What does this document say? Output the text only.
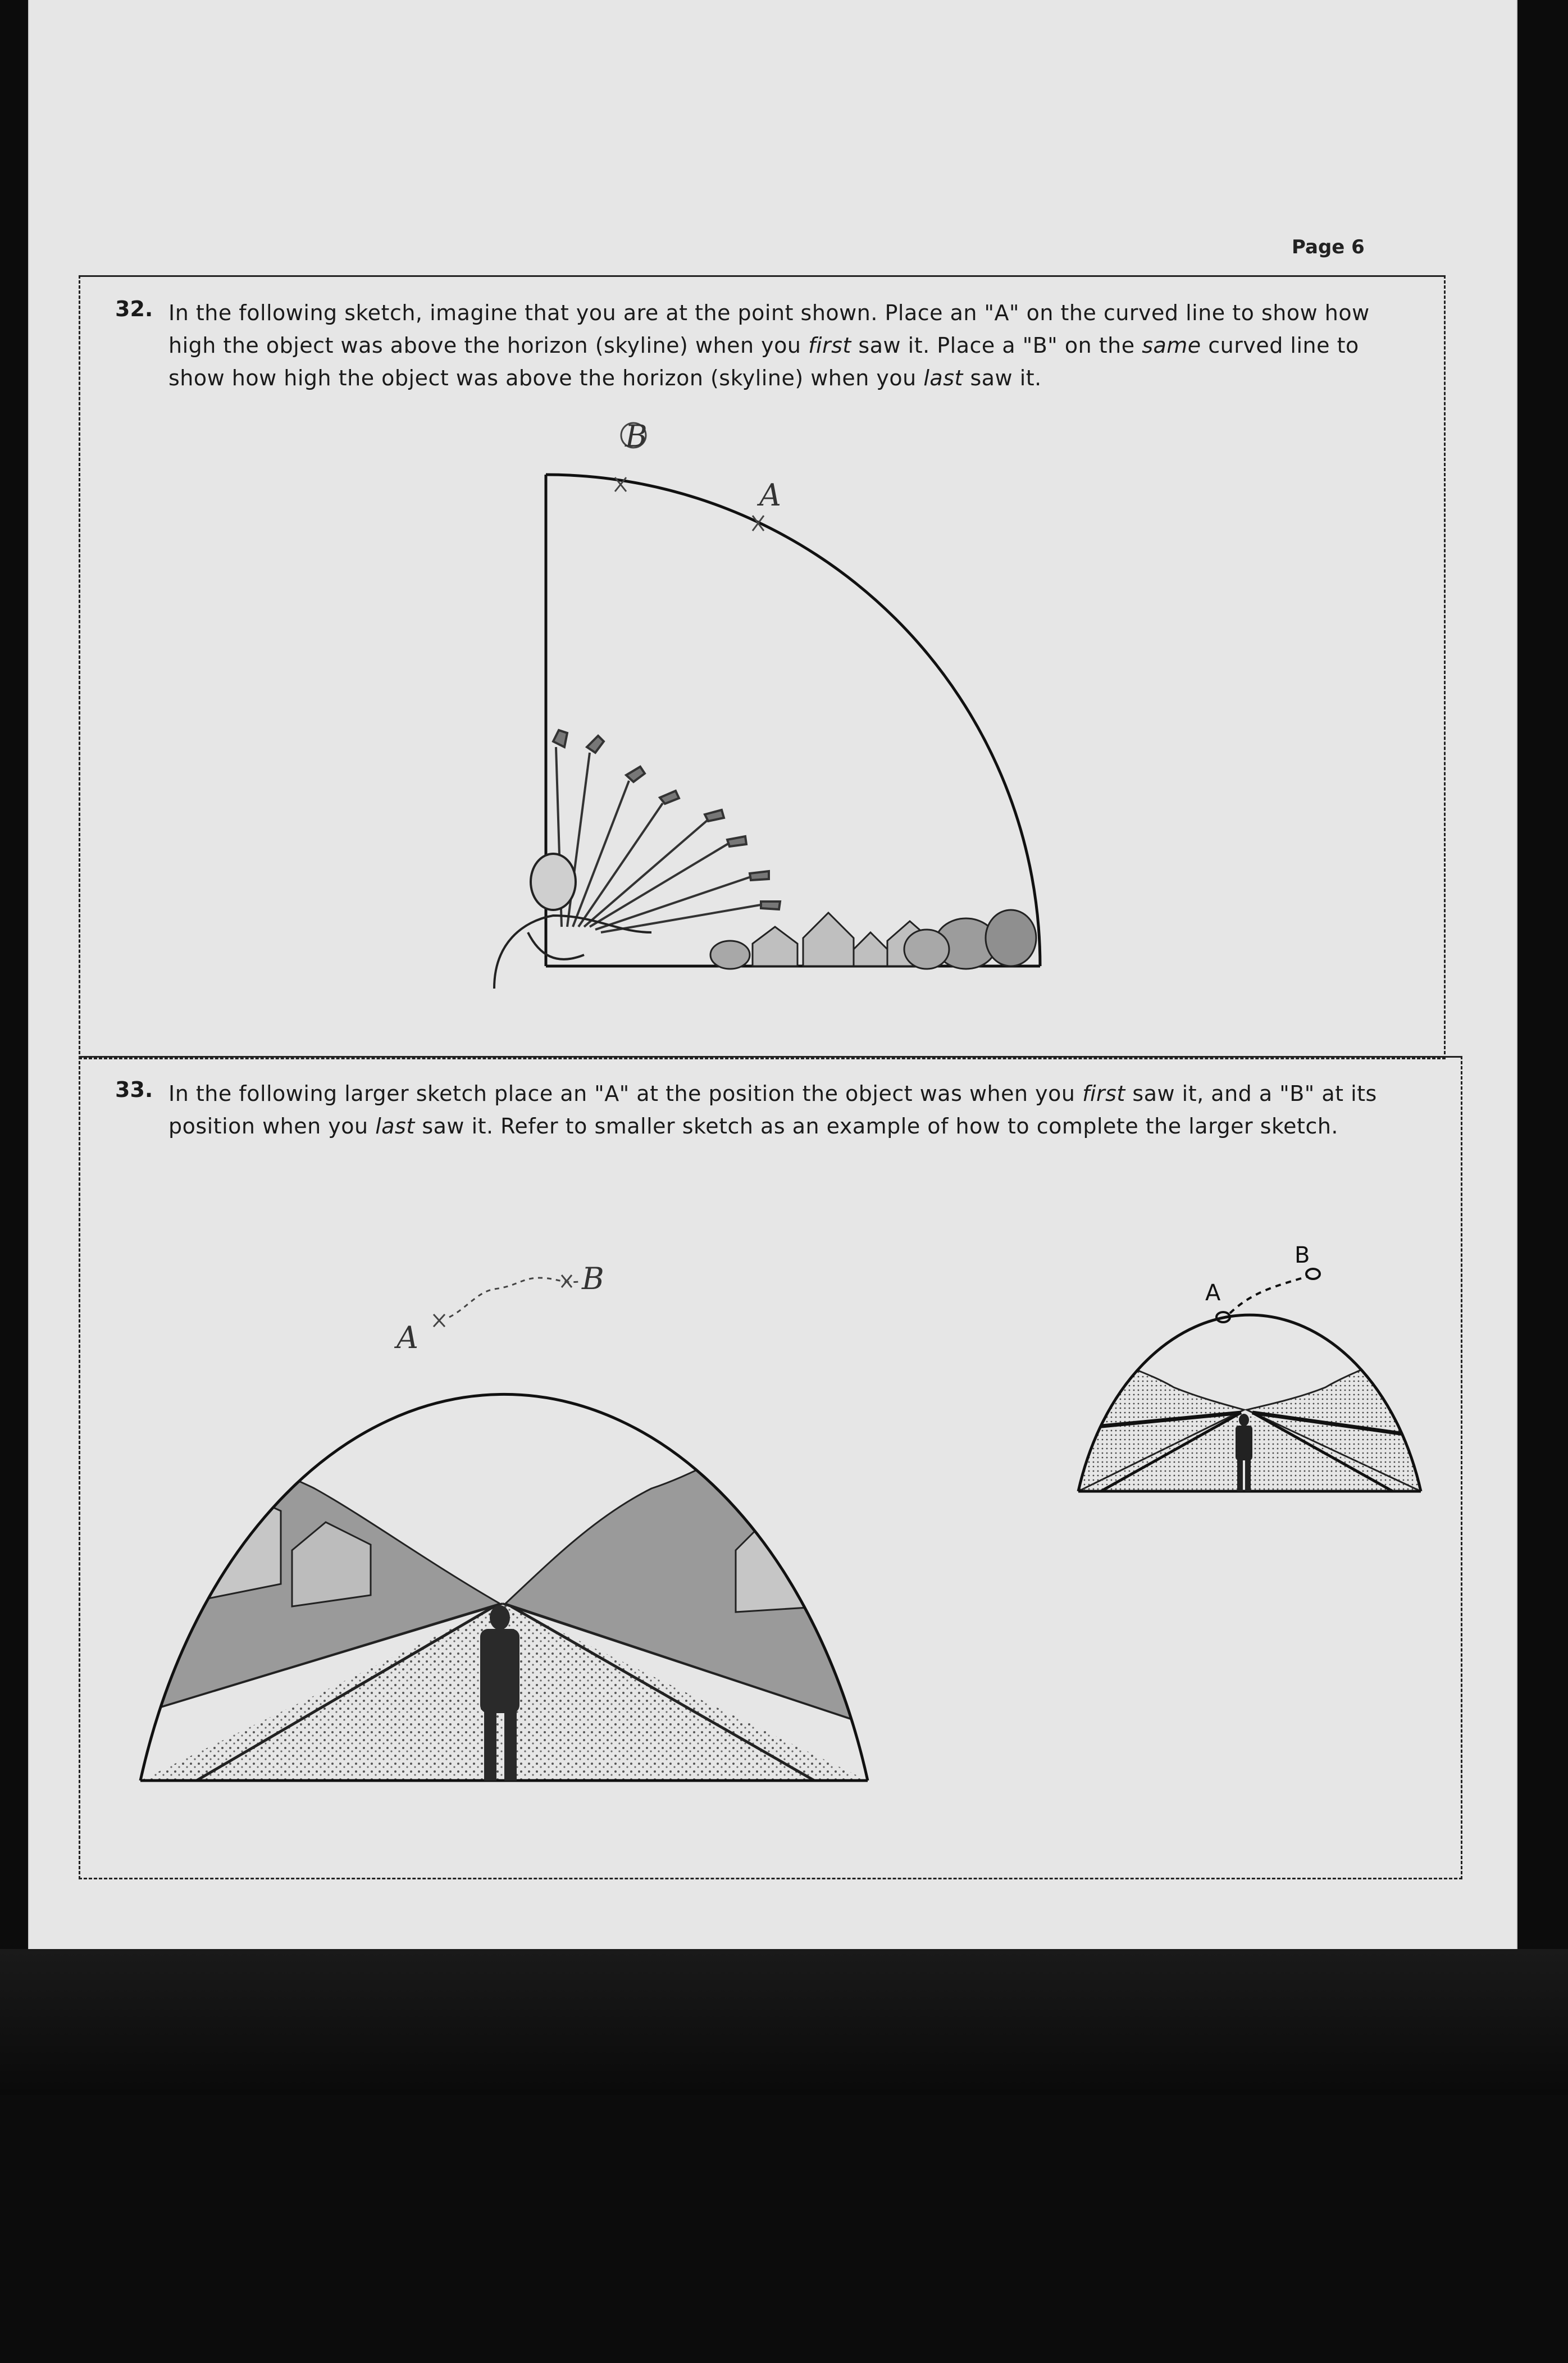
Page 6
32. In the following sketch, imagine that you are at the point shown. Place an "A" on the curved line to show how
high the object was above the horizon (skyline) when you first saw it. Place a "B" on the same curved line to
show how high the object was above the horizon (skyline) when you last saw it.
B
A
33. In the following larger sketch place an "A" at the position the object was when you first saw it, and a "B" at its
position when you last saw it. Refer to smaller sketch as an example of how to complete the larger sketch.
A
B	A
B
